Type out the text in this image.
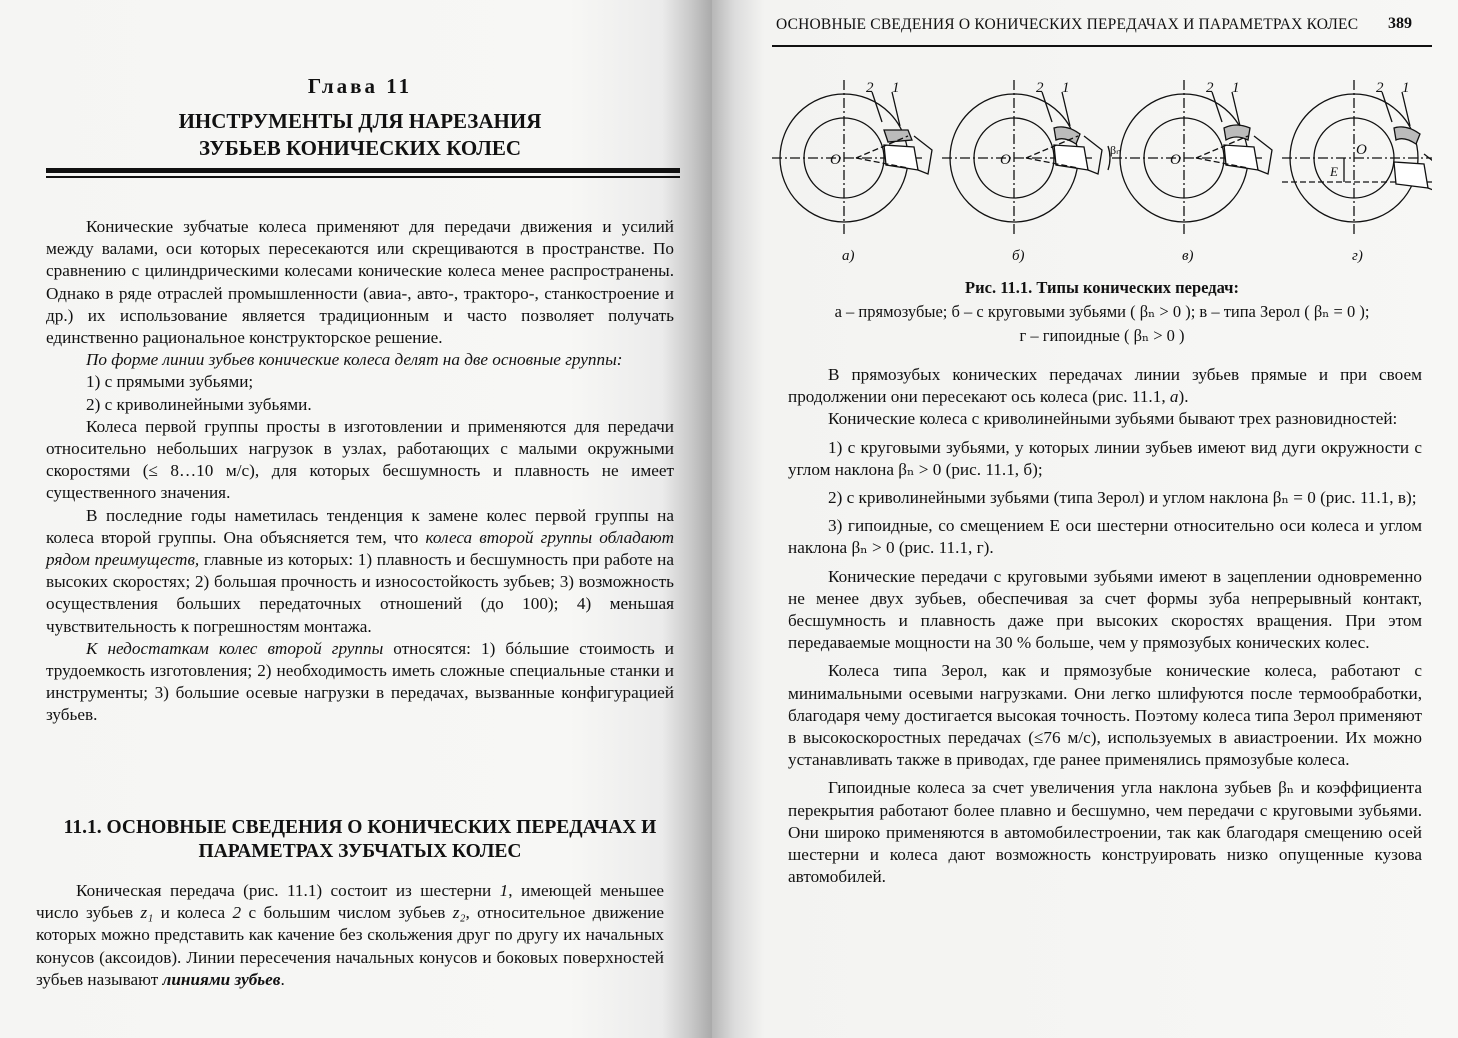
Глава 11
ИНСТРУМЕНТЫ ДЛЯ НАРЕЗАНИЯ
ЗУБЬЕВ КОНИЧЕСКИХ КОЛЕС

Конические зубчатые колеса применяют для передачи движения и усилий между валами, оси которых пересекаются или скрещиваются в пространстве. По сравнению с цилиндрическими колесами конические колеса менее распространены. Однако в ряде отраслей промышленности (авиа-, авто-, тракторо-, станкостроение и др.) их использование является традиционным и часто позволяет получать единственно рациональное конструкторское решение.

По форме линии зубьев конические колеса делят на две основные группы:

1) с прямыми зубьями;

2) с криволинейными зубьями.

Колеса первой группы просты в изготовлении и применяются для передачи относительно небольших нагрузок в узлах, работающих с малыми окружными скоростями (≤ 8…10 м/с), для которых бесшумность и плавность не имеет существенного значения.

В последние годы наметилась тенденция к замене колес первой группы на колеса второй группы. Она объясняется тем, что колеса второй группы обладают рядом преимуществ, главные из которых: 1) плавность и бесшумность при работе на высоких скоростях; 2) большая прочность и износостойкость зубьев; 3) возможность осуществления больших передаточных отношений (до 100); 4) меньшая чувствительность к погрешностям монтажа.

К недостаткам колес второй группы относятся: 1) бóльшие стоимость и трудоемкость изготовления; 2) необходимость иметь сложные специальные станки и инструменты; 3) большие осевые нагрузки в передачах, вызванные конфигурацией зубьев.

11.1. ОСНОВНЫЕ СВЕДЕНИЯ О КОНИЧЕСКИХ ПЕРЕДАЧАХ И
ПАРАМЕТРАХ ЗУБЧАТЫХ КОЛЕС

Коническая передача (рис. 11.1) состоит из шестерни 1, имеющей меньшее число зубьев z₁ и колеса 2 с большим числом зубьев z₂, относительное движение которых можно представить как качение без скольжения друг по другу их начальных конусов (аксоидов). Линии пересечения начальных конусов и боковых поверхностей зубьев называют линиями зубьев.

ОСНОВНЫЕ СВЕДЕНИЯ О КОНИЧЕСКИХ ПЕРЕДАЧАХ И ПАРАМЕТРАХ КОЛЕС 389
2 1
O
а)
2 1
O
βₙ
б)
2 1
O
в)
2 1
O
E
г)
Рис. 11.1. Типы конических передач:
а – прямозубые; б – с круговыми зубьями ( βₙ > 0 ); в – типа Зерол ( βₙ = 0 );
г – гипоидные ( βₙ > 0 )

В прямозубых конических передачах линии зубьев прямые и при своем продолжении они пересекают ось колеса (рис. 11.1, а).

Конические колеса с криволинейными зубьями бывают трех разновидностей:

1) с круговыми зубьями, у которых линии зубьев имеют вид дуги окружности с углом наклона βₙ > 0 (рис. 11.1, б);

2) с криволинейными зубьями (типа Зерол) и углом наклона βₙ = 0 (рис. 11.1, в);

3) гипоидные, со смещением E оси шестерни относительно оси колеса и углом наклона βₙ > 0 (рис. 11.1, г).

Конические передачи с круговыми зубьями имеют в зацеплении одновременно не менее двух зубьев, обеспечивая за счет формы зуба непрерывный контакт, бесшумность и плавность даже при высоких скоростях вращения. При этом передаваемые мощности на 30 % больше, чем у прямозубых конических колес.

Колеса типа Зерол, как и прямозубые конические колеса, работают с минимальными осевыми нагрузками. Они легко шлифуются после термообработки, благодаря чему достигается высокая точность. Поэтому колеса типа Зерол применяют в высокоскоростных передачах (≤76 м/с), используемых в авиастроении. Их можно устанавливать также в приводах, где ранее применялись прямозубые колеса.

Гипоидные колеса за счет увеличения угла наклона зубьев βₙ и коэффициента перекрытия работают более плавно и бесшумно, чем передачи с круговыми зубьями. Они широко применяются в автомобилестроении, так как благодаря смещению осей шестерни и колеса дают возможность конструировать низко опущенные кузова автомобилей.
